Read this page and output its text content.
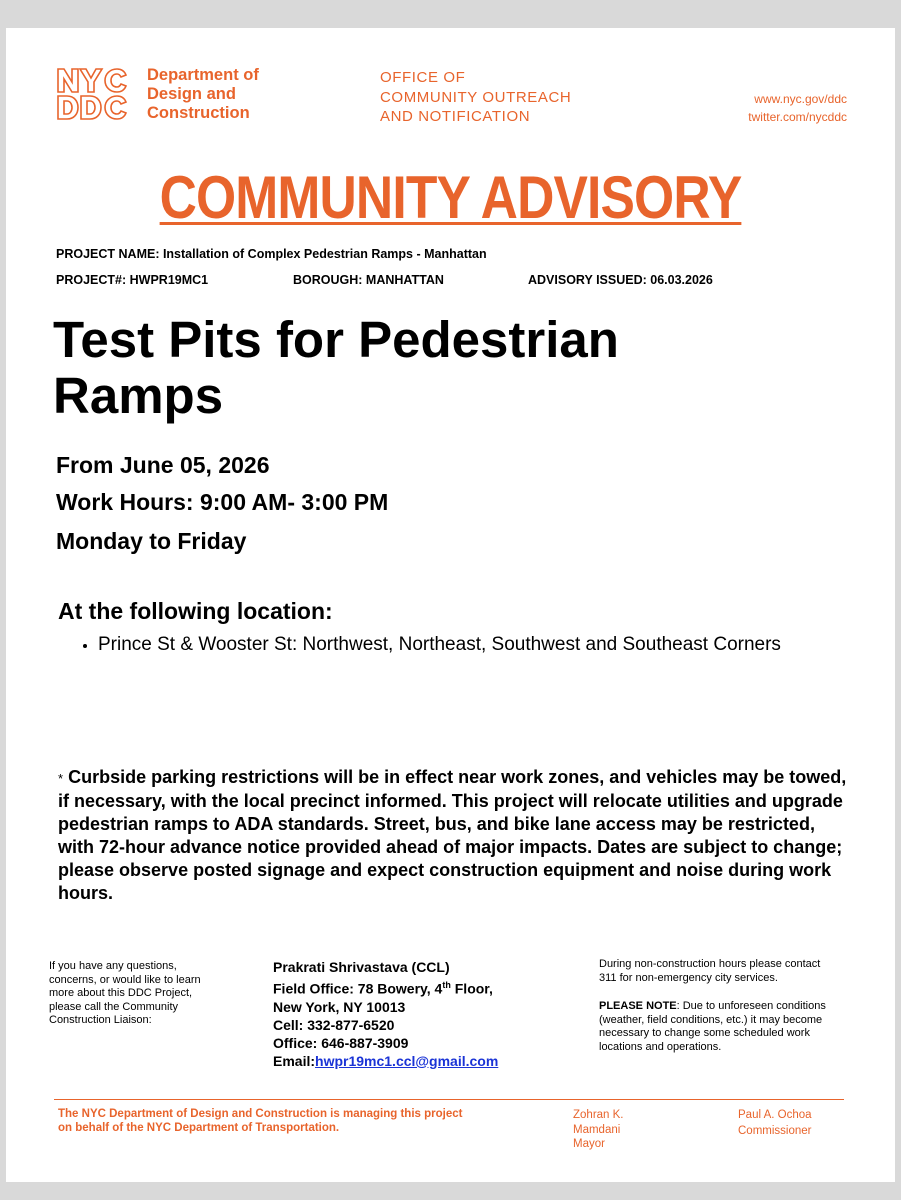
Department of
Design and
Construction
OFFICE OF
COMMUNITY OUTREACH
AND NOTIFICATION
www.nyc.gov/ddc
twitter.com/nycddc
COMMUNITY ADVISORY
PROJECT NAME: Installation of Complex Pedestrian Ramps - Manhattan
PROJECT#: HWPR19MC1	BOROUGH: MANHATTAN	ADVISORY ISSUED: 06.03.2026
Test Pits for Pedestrian
Ramps
From June 05, 2026
Work Hours: 9:00 AM- 3:00 PM
Monday to Friday
At the following location:
• Prince St & Wooster St: Northwest, Northeast, Southwest and Southeast Corners
* Curbside parking restrictions will be in effect near work zones, and vehicles may be towed, if necessary, with the local precinct informed. This project will relocate utilities and upgrade pedestrian ramps to ADA standards. Street, bus, and bike lane access may be restricted, with 72-hour advance notice provided ahead of major impacts. Dates are subject to change; please observe posted signage and expect construction equipment and noise during work hours.
If you have any questions, concerns, or would like to learn more about this DDC Project, please call the Community Construction Liaison:
Prakrati Shrivastava (CCL)
Field Office: 78 Bowery, 4th Floor,
New York, NY 10013
Cell: 332-877-6520
Office: 646-887-3909
Email:hwpr19mc1.ccl@gmail.com
During non-construction hours please contact 311 for non-emergency city services.
PLEASE NOTE: Due to unforeseen conditions (weather, field conditions, etc.) it may become necessary to change some scheduled work locations and operations.
The NYC Department of Design and Construction is managing this project on behalf of the NYC Department of Transportation.
Zohran K.
Mamdani
Mayor
Paul A. Ochoa
Commissioner
